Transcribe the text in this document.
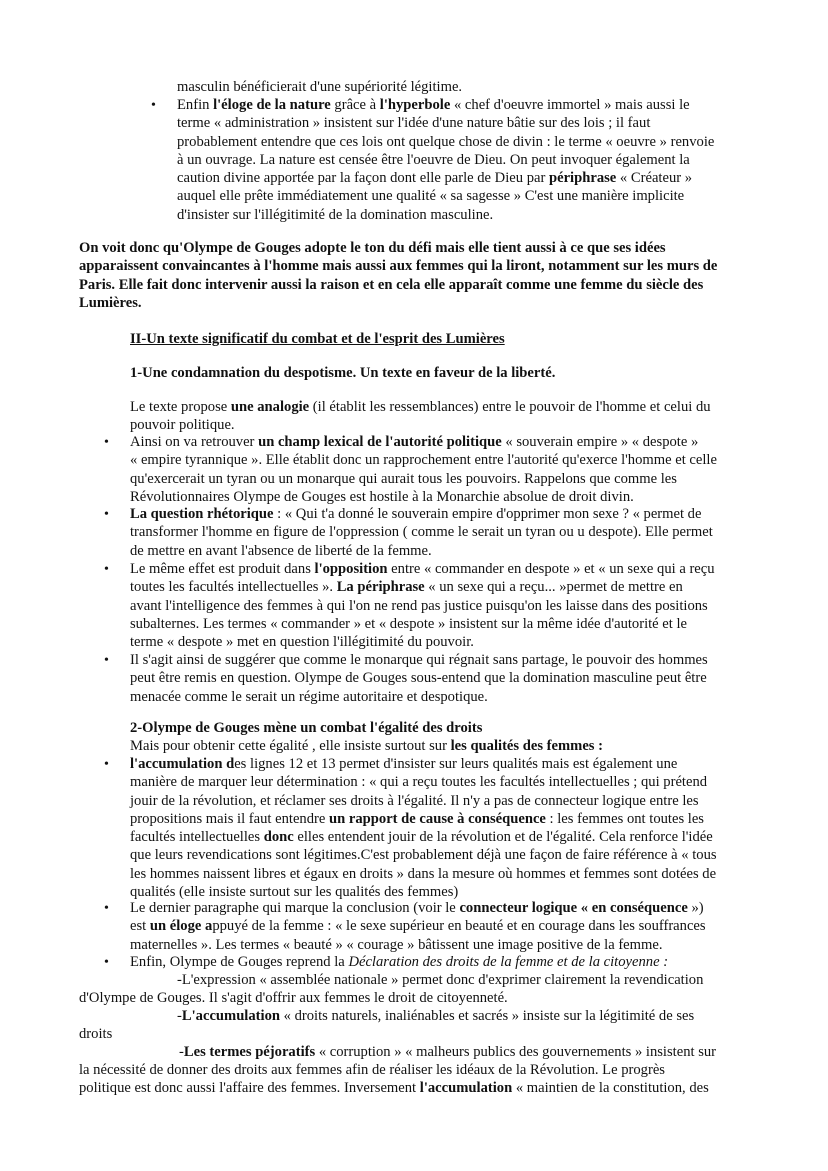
masculin bénéficierait d'une supériorité légitime.
• Enfin l'éloge de la nature grâce à l'hyperbole « chef d'oeuvre immortel » mais aussi le
terme « administration » insistent sur l'idée d'une nature bâtie sur des lois ; il faut
probablement entendre que ces lois ont quelque chose de divin : le terme « oeuvre » renvoie
à un ouvrage. La nature est censée être l'oeuvre de Dieu. On peut invoquer également la
caution divine apportée par la façon dont elle parle de Dieu par périphrase « Créateur »
auquel elle prête immédiatement une qualité « sa sagesse » C'est une manière implicite
d'insister sur l'illégitimité de la domination masculine.
On voit donc qu'Olympe de Gouges adopte le ton du défi mais elle tient aussi à ce que ses idées
apparaissent convaincantes à l'homme mais aussi aux femmes qui la liront, notamment sur les murs de
Paris. Elle fait donc intervenir aussi la raison et en cela elle apparaît comme une femme du siècle des
Lumières.
II-Un texte significatif du combat et de l'esprit des Lumières
1-Une condamnation du despotisme. Un texte en faveur de la liberté.
Le texte propose une analogie (il établit les ressemblances) entre le pouvoir de l'homme et celui du
pouvoir politique.
• Ainsi on va retrouver un champ lexical de l'autorité politique « souverain empire » « despote »
« empire tyrannique ». Elle établit donc un rapprochement entre l'autorité qu'exerce l'homme et celle
qu'exercerait un tyran ou un monarque qui aurait tous les pouvoirs. Rappelons que comme les
Révolutionnaires Olympe de Gouges est hostile à la Monarchie absolue de droit divin.
• La question rhétorique : « Qui t'a donné le souverain empire d'opprimer mon sexe ? « permet de
transformer l'homme en figure de l'oppression ( comme le serait un tyran ou u despote). Elle permet
de mettre en avant l'absence de liberté de la femme.
• Le même effet est produit dans l'opposition entre « commander en despote » et « un sexe qui a reçu
toutes les facultés intellectuelles ». La périphrase « un sexe qui a reçu... »permet de mettre en
avant l'intelligence des femmes à qui l'on ne rend pas justice puisqu'on les laisse dans des positions
subalternes. Les termes « commander » et « despote » insistent sur la même idée d'autorité et le
terme « despote » met en question l'illégitimité du pouvoir.
• Il s'agit ainsi de suggérer que comme le monarque qui régnait sans partage, le pouvoir des hommes
peut être remis en question. Olympe de Gouges sous-entend que la domination masculine peut être
menacée comme le serait un régime autoritaire et despotique.
2-Olympe de Gouges mène un combat l'égalité des droits
Mais pour obtenir cette égalité , elle insiste surtout sur les qualités des femmes :
• l'accumulation des lignes 12 et 13 permet d'insister sur leurs qualités mais est également une
manière de marquer leur détermination : « qui a reçu toutes les facultés intellectuelles ; qui prétend
jouir de la révolution, et réclamer ses droits à l'égalité. Il n'y a pas de connecteur logique entre les
propositions mais il faut entendre un rapport de cause à conséquence : les femmes ont toutes les
facultés intellectuelles donc elles entendent jouir de la révolution et de l'égalité. Cela renforce l'idée
que leurs revendications sont légitimes.C'est probablement déjà une façon de faire référence à « tous
les hommes naissent libres et égaux en droits » dans la mesure où hommes et femmes sont dotées de
qualités (elle insiste surtout sur les qualités des femmes)
• Le dernier paragraphe qui marque la conclusion (voir le connecteur logique « en conséquence »)
est un éloge appuyé de la femme : « le sexe supérieur en beauté et en courage dans les souffrances
maternelles ». Les termes « beauté » « courage » bâtissent une image positive de la femme.
• Enfin, Olympe de Gouges reprend la Déclaration des droits de la femme et de la citoyenne :
-L'expression « assemblée nationale » permet donc d'exprimer clairement la revendication
d'Olympe de Gouges. Il s'agit d'offrir aux femmes le droit de citoyenneté.
-L'accumulation « droits naturels, inaliénables et sacrés » insiste sur la légitimité de ses
droits
-Les termes péjoratifs « corruption » « malheurs publics des gouvernements » insistent sur
la nécessité de donner des droits aux femmes afin de réaliser les idéaux de la Révolution. Le progrès
politique est donc aussi l'affaire des femmes. Inversement l'accumulation « maintien de la constitution, des
